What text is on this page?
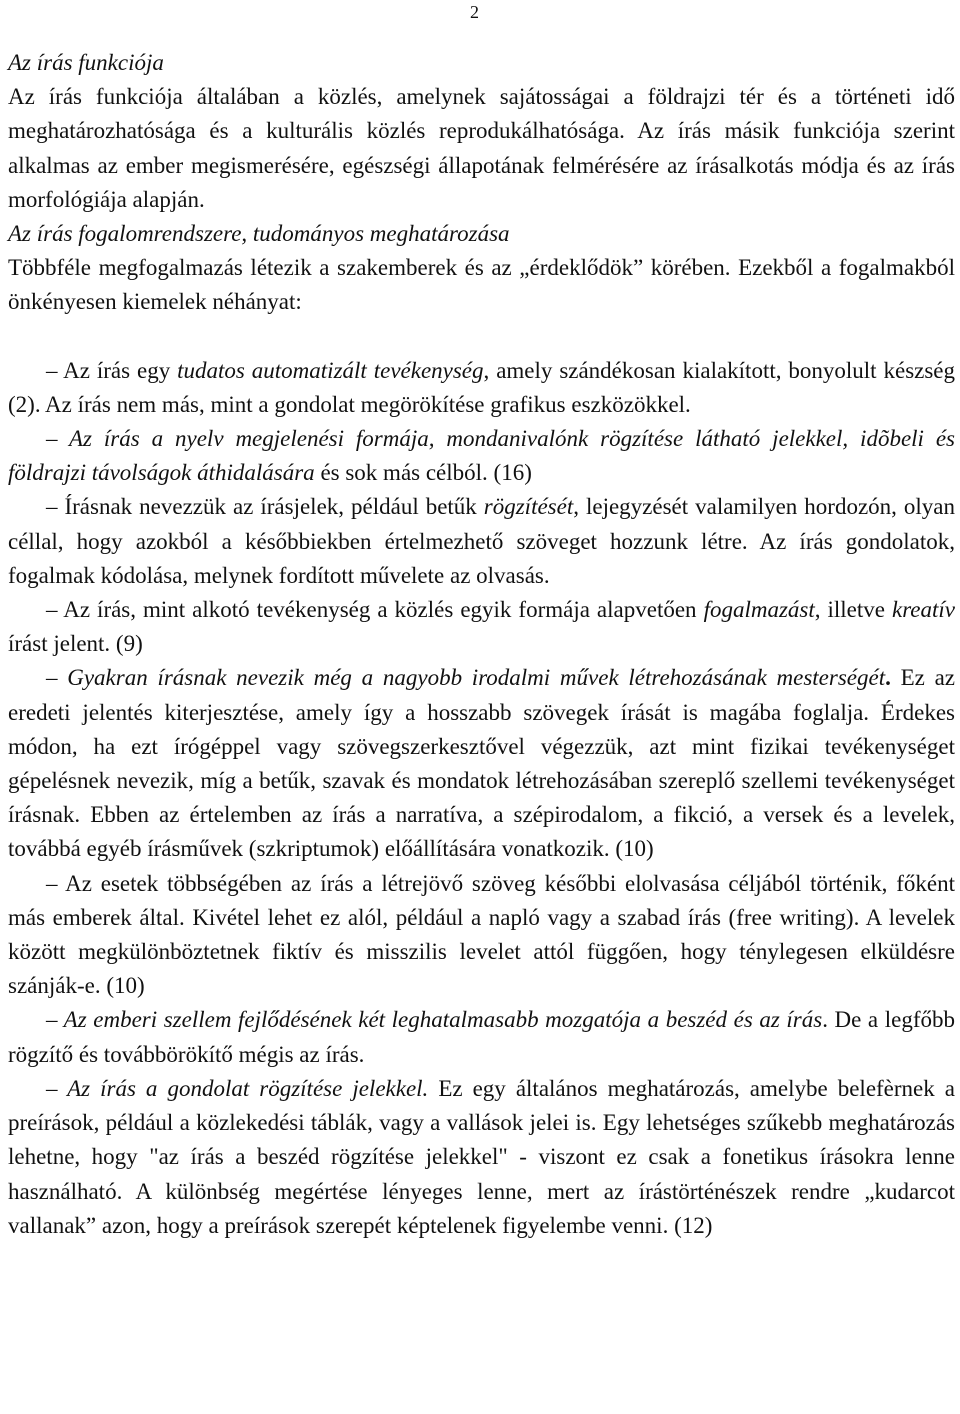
2

Az írás funkciója

Az írás funkciója általában a közlés, amelynek sajátosságai a földrajzi tér és a történeti idő meghatározhatósága és a kulturális közlés reprodukálhatósága. Az írás másik funkciója szerint alkalmas az ember megismerésére, egészségi állapotának felmérésére az írásalkotás módja és az írás morfológiája alapján.

Az írás fogalomrendszere, tudományos meghatározása

Többféle megfogalmazás létezik a szakemberek és az „érdeklődök” körében. Ezekből a fogalmakból önkényesen kiemelek néhányat:

– Az írás egy tudatos automatizált tevékenység, amely szándékosan kialakított, bonyolult készség (2). Az írás nem más, mint a gondolat megörökítése grafikus eszközökkel.

– Az írás a nyelv megjelenési formája, mondanivalónk rögzítése látható jelekkel, idõbeli és földrajzi távolságok áthidalására és sok más célból. (16)

– Írásnak nevezzük az írásjelek, például betűk rögzítését, lejegyzését valamilyen hordozón, olyan céllal, hogy azokból a későbbiekben értelmezhető szöveget hozzunk létre. Az írás gondolatok, fogalmak kódolása, melynek fordított művelete az olvasás.

– Az írás, mint alkotó tevékenység a közlés egyik formája alapvetően fogalmazást, illetve kreatív írást jelent. (9)

– Gyakran írásnak nevezik még a nagyobb irodalmi művek létrehozásának mesterségét. Ez az eredeti jelentés kiterjesztése, amely így a hosszabb szövegek írását is magába foglalja. Érdekes módon, ha ezt írógéppel vagy szövegszerkesztővel végezzük, azt mint fizikai tevékenységet gépelésnek nevezik, míg a betűk, szavak és mondatok létrehozásában szereplő szellemi tevékenységet írásnak. Ebben az értelemben az írás a narratíva, a szépirodalom, a fikció, a versek és a levelek, továbbá egyéb írásművek (szkriptumok) előállítására vonatkozik. (10)

– Az esetek többségében az írás a létrejövő szöveg későbbi elolvasása céljából történik, főként más emberek által. Kivétel lehet ez alól, például a napló vagy a szabad írás (free writing). A levelek között megkülönböztetnek fiktív és misszilis levelet attól függően, hogy ténylegesen elküldésre szánják-e. (10)

– Az emberi szellem fejlődésének két leghatalmasabb mozgatója a beszéd és az írás. De a legfőbb rögzítő és továbbörökítő mégis az írás.

– Az írás a gondolat rögzítése jelekkel. Ez egy általános meghatározás, amelybe belefèrnek a preírások, például a közlekedési táblák, vagy a vallások jelei is. Egy lehetséges szűkebb meghatározás lehetne, hogy "az írás a beszéd rögzítése jelekkel" - viszont ez csak a fonetikus írásokra lenne használható. A különbség megértése lényeges lenne, mert az írástörténészek rendre „kudarcot vallanak” azon, hogy a preírások szerepét képtelenek figyelembe venni. (12)
